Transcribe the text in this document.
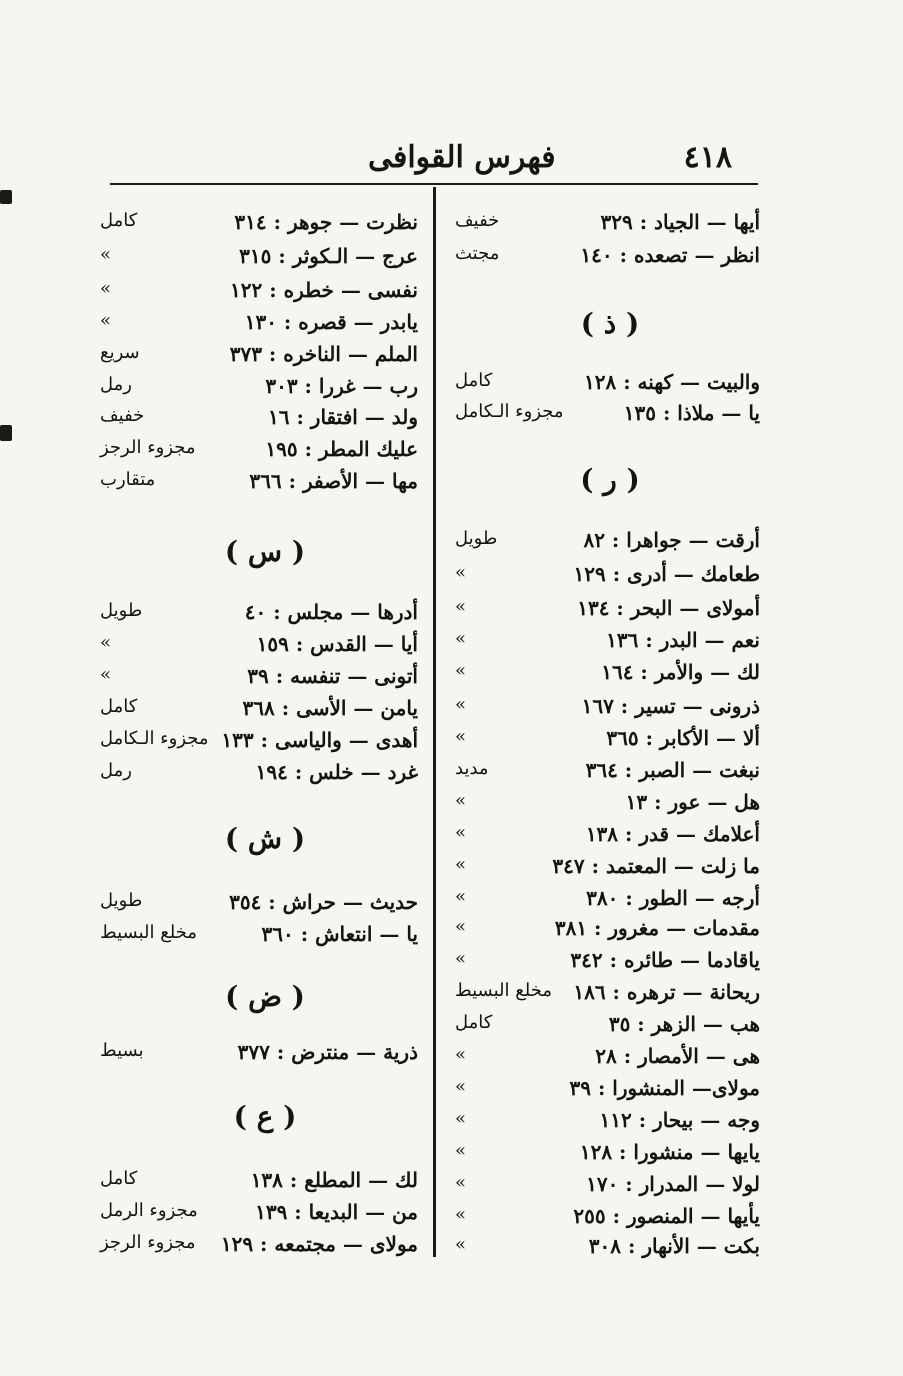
٤١٨
فهرس القوافى
أيها — الجياد : ٣٢٩
خفيف
انظر — تصعده : ١٤٠
مجتث
( ذ )
والبيت — كهنه : ١٢٨
كامل
يا — ملاذا : ١٣٥
مجزوء الـكامل
( ر )
أرقت — جواهرا : ٨٢
طويل
طعامك — أدرى : ١٢٩
»
أمولاى — البحر : ١٣٤
»
نعم — البدر : ١٣٦
»
لك — والأمر : ١٦٤
»
ذرونى — تسير : ١٦٧
»
ألا — الأكابر : ٣٦٥
»
نبغت — الصبر : ٣٦٤
مديد
هل — عور : ١٣
»
أعلامك — قدر : ١٣٨
»
ما زلت — المعتمد : ٣٤٧
»
أرجه — الطور : ٣٨٠
»
مقدمات — مغرور : ٣٨١
»
ياقادما — طائره : ٣٤٢
»
ريحانة — ترهره : ١٨٦
مخلع البسيط
هب — الزهر : ٣٥
كامل
هى — الأمصار : ٢٨
»
مولاى— المنشورا : ٣٩
»
وجه — بيحار : ١١٢
»
يايها — منشورا : ١٢٨
»
لولا — المدرار : ١٧٠
»
يأيها — المنصور : ٢٥٥
»
بكت — الأنهار : ٣٠٨
»
نظرت — جوهر : ٣١٤
كامل
عرج — الـكوثر : ٣١٥
»
نفسى — خطره : ١٢٢
»
يابدر — قصره : ١٣٠
»
الملم — الناخره : ٣٧٣
سريع
رب — غررا : ٣٠٣
رمل
ولد — افتقار : ١٦
خفيف
عليك المطر : ١٩٥
مجزوء الرجز
مها — الأصفر : ٣٦٦
متقارب
( س )
أدرها — مجلس : ٤٠
طويل
أيا — القدس : ١٥٩
»
أتونى — تنفسه : ٣٩
»
يامن — الأسى : ٣٦٨
كامل
أهدى — والياسى : ١٣٣
مجزوء الـكامل
غرد — خلس : ١٩٤
رمل
( ش )
حديث — حراش : ٣٥٤
طويل
يا — انتعاش : ٣٦٠
مخلع البسيط
( ض )
ذرية — منترض : ٣٧٧
بسيط
( ع )
لك — المطلع : ١٣٨
كامل
من — البديعا : ١٣٩
مجزوء الرمل
مولاى — مجتمعه : ١٢٩
مجزوء الرجز
